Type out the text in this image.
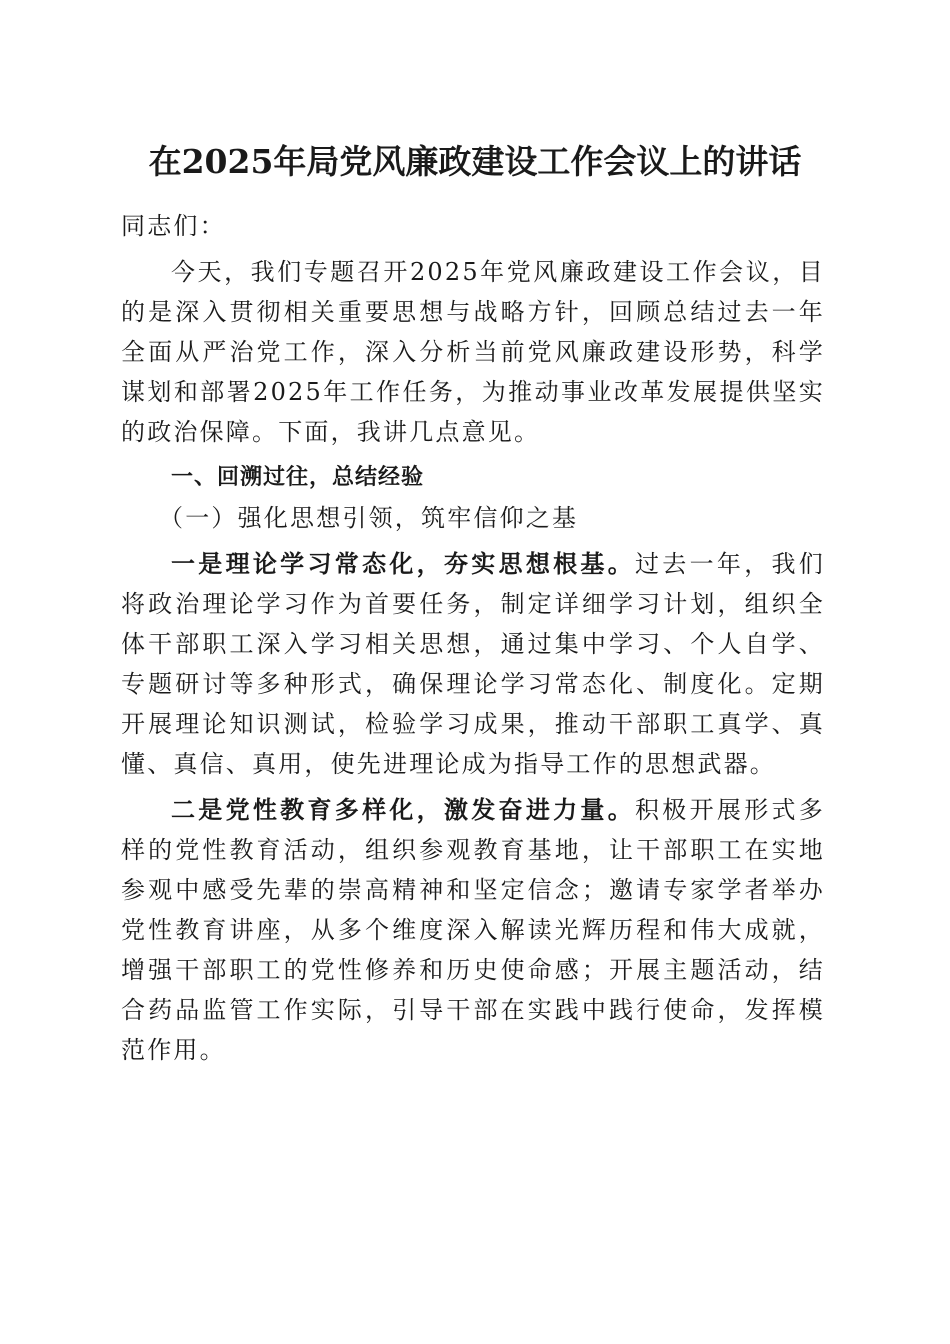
在2025年局党风廉政建设工作会议上的讲话

同志们：

今天，我们专题召开2025年党风廉政建设工作会议，目的是深入贯彻相关重要思想与战略方针，回顾总结过去一年全面从严治党工作，深入分析当前党风廉政建设形势，科学谋划和部署2025年工作任务，为推动事业改革发展提供坚实的政治保障。下面，我讲几点意见。

一、回溯过往，总结经验

（一）强化思想引领，筑牢信仰之基

一是理论学习常态化，夯实思想根基。过去一年，我们将政治理论学习作为首要任务，制定详细学习计划，组织全体干部职工深入学习相关思想，通过集中学习、个人自学、专题研讨等多种形式，确保理论学习常态化、制度化。定期开展理论知识测试，检验学习成果，推动干部职工真学、真懂、真信、真用，使先进理论成为指导工作的思想武器。

二是党性教育多样化，激发奋进力量。积极开展形式多样的党性教育活动，组织参观教育基地，让干部职工在实地参观中感受先辈的崇高精神和坚定信念；邀请专家学者举办党性教育讲座，从多个维度深入解读光辉历程和伟大成就，增强干部职工的党性修养和历史使命感；开展主题活动，结合药品监管工作实际，引导干部在实践中践行使命，发挥模范作用。
